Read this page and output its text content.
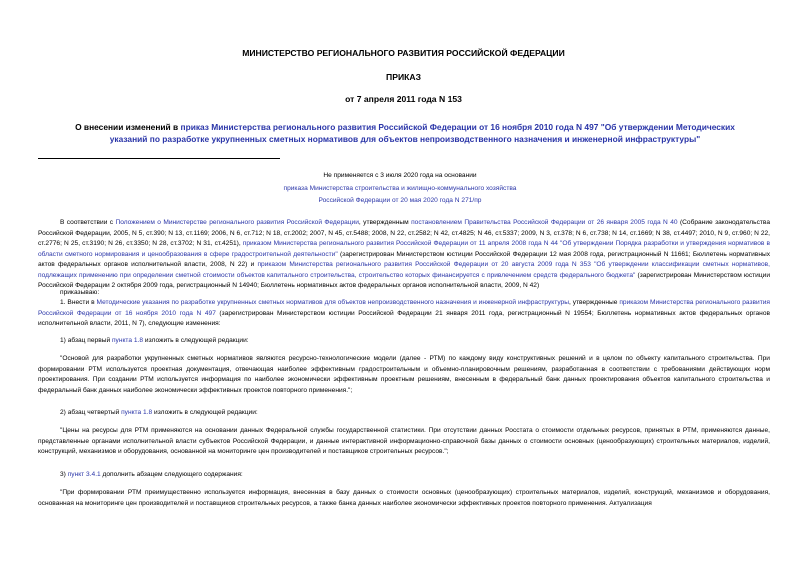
МИНИСТЕРСТВО РЕГИОНАЛЬНОГО РАЗВИТИЯ РОССИЙСКОЙ ФЕДЕРАЦИИ
ПРИКАЗ
от 7 апреля 2011 года N 153
О внесении изменений в приказ Министерства регионального развития Российской Федерации от 16 ноября 2010 года N 497 "Об утверждении Методических указаний по разработке укрупненных сметных нормативов для объектов непроизводственного назначения и инженерной инфраструктуры"
Не применяется с 3 июля 2020 года на основании
приказа Министерства строительства и жилищно-коммунального хозяйства
Российской Федерации от 20 мая 2020 года N 271/пр
В соответствии с Положением о Министерстве регионального развития Российской Федерации, утвержденным постановлением Правительства Российской Федерации от 26 января 2005 года N 40 (Собрание законодательства Российской Федерации, 2005, N 5, ст.390; N 13, ст.1169; 2006, N 6, ст.712; N 18, ст.2002; 2007, N 45, ст.5488; 2008, N 22, ст.2582; N 42, ст.4825; N 46, ст.5337; 2009, N 3, ст.378; N 6, ст.738; N 14, ст.1669; N 38, ст.4497; 2010, N 9, ст.960; N 22, ст.2776; N 25, ст.3190; N 26, ст.3350; N 28, ст.3702; N 31, ст.4251), приказом Министерства регионального развития Российской Федерации от 11 апреля 2008 года N 44 "Об утверждении Порядка разработки и утверждения нормативов в области сметного нормирования и ценообразования в сфере градостроительной деятельности" (зарегистрирован Министерством юстиции Российской Федерации 12 мая 2008 года, регистрационный N 11661; Бюллетень нормативных актов федеральных органов исполнительной власти, 2008, N 22) и приказом Министерства регионального развития Российской Федерации от 20 августа 2009 года N 353 "Об утверждении классификации сметных нормативов, подлежащих применению при определении сметной стоимости объектов капитального строительства, строительство которых финансируется с привлечением средств федерального бюджета" (зарегистрирован Министерством юстиции Российской Федерации 2 октября 2009 года, регистрационный N 14940; Бюллетень нормативных актов федеральных органов исполнительной власти, 2009, N 42)
приказываю:
1. Внести в Методические указания по разработке укрупненных сметных нормативов для объектов непроизводственного назначения и инженерной инфраструктуры, утвержденные приказом Министерства регионального развития Российской Федерации от 16 ноября 2010 года N 497 (зарегистрирован Министерством юстиции Российской Федерации 21 января 2011 года, регистрационный N 19554; Бюллетень нормативных актов федеральных органов исполнительной власти, 2011, N 7), следующие изменения:
1) абзац первый пункта 1.8 изложить в следующей редакции:
"Основой для разработки укрупненных сметных нормативов являются ресурсно-технологические модели (далее - РТМ) по каждому виду конструктивных решений и в целом по объекту капитального строительства. При формировании РТМ используется проектная документация, отвечающая наиболее эффективным градостроительным и объемно-планировочным решениям, разработанная в соответствии с требованиями действующих норм проектирования. При создании РТМ используется информация по наиболее экономически эффективным проектным решениям, внесенным в федеральный банк данных проектирования объектов капитального строительства и федеральный банк данных наиболее экономически эффективных проектов повторного применения.";
2) абзац четвертый пункта 1.8 изложить в следующей редакции:
"Цены на ресурсы для РТМ применяются на основании данных Федеральной службы государственной статистики. При отсутствии данных Росстата о стоимости отдельных ресурсов, принятых в РТМ, применяются данные, представленные органами исполнительной власти субъектов Российской Федерации, и данные интерактивной информационно-справочной базы данных о стоимости основных (ценообразующих) строительных материалов, изделий, конструкций, механизмов и оборудования, основанной на мониторинге цен производителей и поставщиков строительных ресурсов.";
3) пункт 3.4.1 дополнить абзацем следующего содержания:
"При формировании РТМ преимущественно используется информация, внесенная в базу данных о стоимости основных (ценообразующих) строительных материалов, изделий, конструкций, механизмов и оборудования, основанная на мониторинге цен производителей и поставщиков строительных ресурсов, а также банка данных наиболее экономически эффективных проектов повторного применения. Актуализация
